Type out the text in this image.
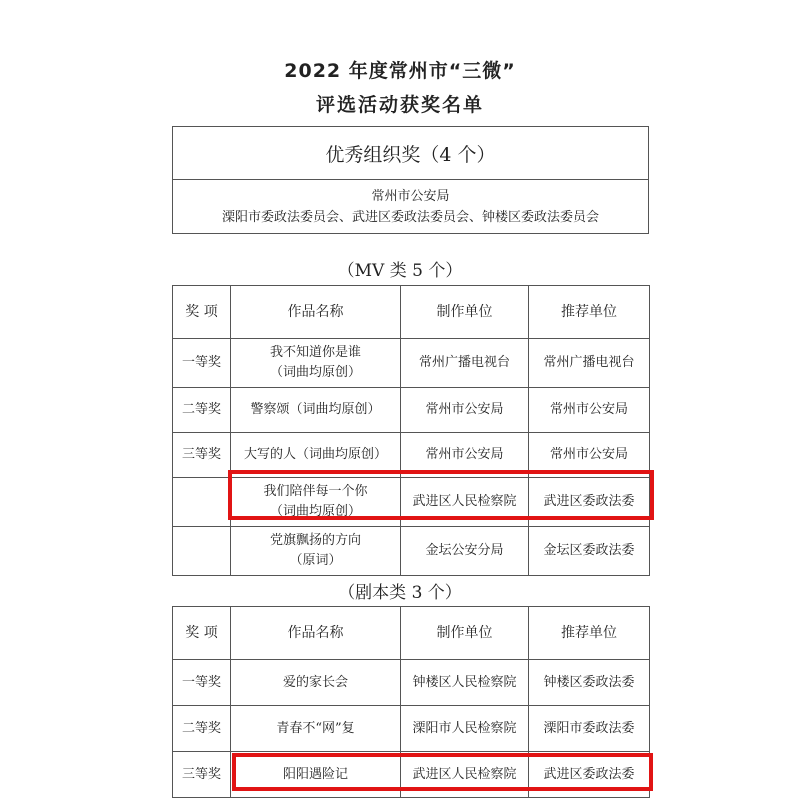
2022 年度常州市“三微”
评选活动获奖名单
优秀组织奖（4 个）
常州市公安局
溧阳市委政法委员会、武进区委政法委员会、钟楼区委政法委员会
（MV 类 5 个）
奖 项	作品名称	制作单位	推荐单位
一等奖	我不知道你是谁
（词曲均原创）	常州广播电视台	常州广播电视台
二等奖	警察颂（词曲均原创）	常州市公安局	常州市公安局
三等奖	大写的人（词曲均原创）	常州市公安局	常州市公安局

	我们陪伴每一个你
（词曲均原创）	武进区人民检察院	武进区委政法委

	党旗飘扬的方向
（原词）	金坛公安分局	金坛区委政法委
（剧本类 3 个）
奖 项	作品名称	制作单位	推荐单位
一等奖	爱的家长会	钟楼区人民检察院	钟楼区委政法委
二等奖	青春不“网”复	溧阳市人民检察院	溧阳市委政法委
三等奖	阳阳遇险记	武进区人民检察院	武进区委政法委
